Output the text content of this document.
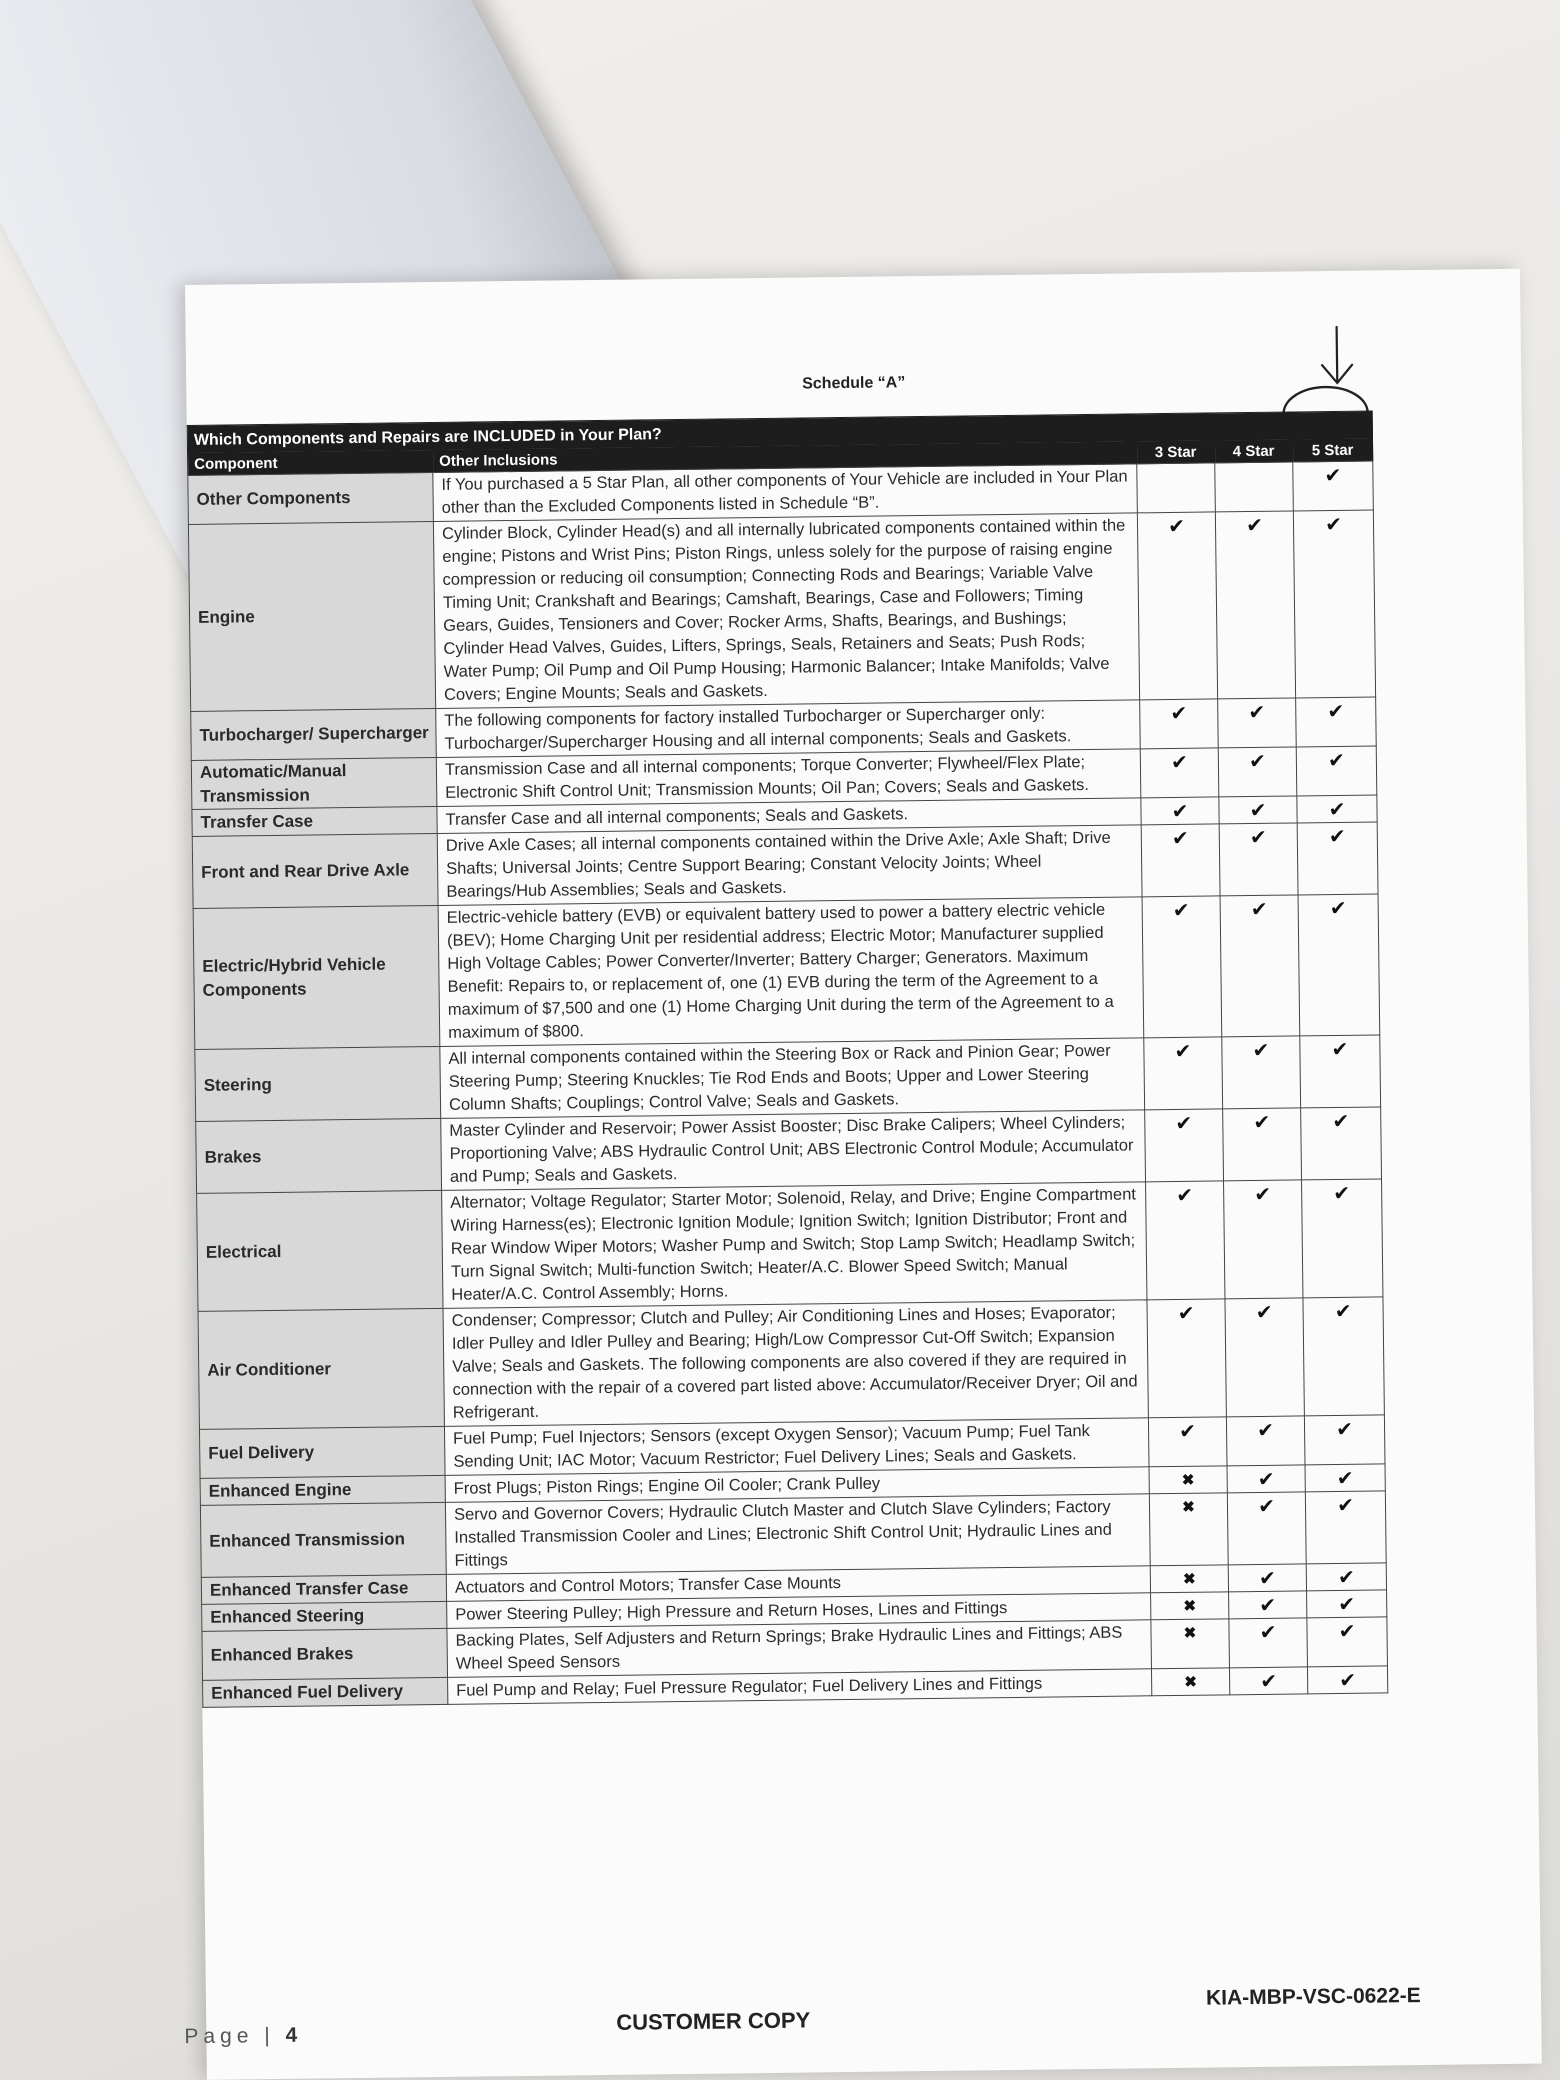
Schedule “A”
Which Components and Repairs are INCLUDED in Your Plan?				
Component	Other Inclusions	3 Star	4 Star	5 Star
Other Components	If You purchased a 5 Star Plan, all other components of Your Vehicle are included in Your Plan other than the Excluded Components listed in Schedule “B”.			✔
Engine	Cylinder Block, Cylinder Head(s) and all internally lubricated components contained within the engine; Pistons and Wrist Pins; Piston Rings, unless solely for the purpose of raising engine compression or reducing oil consumption; Connecting Rods and Bearings; Variable Valve Timing Unit; Crankshaft and Bearings; Camshaft, Bearings, Case and Followers; Timing Gears, Guides, Tensioners and Cover; Rocker Arms, Shafts, Bearings, and Bushings; Cylinder Head Valves, Guides, Lifters, Springs, Seals, Retainers and Seats; Push Rods; Water Pump; Oil Pump and Oil Pump Housing; Harmonic Balancer; Intake Manifolds; Valve Covers; Engine Mounts; Seals and Gaskets.	✔	✔	✔
Turbocharger/ Supercharger	The following components for factory installed Turbocharger or Supercharger only: Turbocharger/Supercharger Housing and all internal components; Seals and Gaskets.	✔	✔	✔
Automatic/Manual Transmission	Transmission Case and all internal components; Torque Converter; Flywheel/Flex Plate; Electronic Shift Control Unit; Transmission Mounts; Oil Pan; Covers; Seals and Gaskets.	✔	✔	✔
Transfer Case	Transfer Case and all internal components; Seals and Gaskets.	✔	✔	✔
Front and Rear Drive Axle	Drive Axle Cases; all internal components contained within the Drive Axle; Axle Shaft; Drive Shafts; Universal Joints; Centre Support Bearing; Constant Velocity Joints; Wheel Bearings/Hub Assemblies; Seals and Gaskets.	✔	✔	✔
Electric/Hybrid Vehicle Components	Electric-vehicle battery (EVB) or equivalent battery used to power a battery electric vehicle (BEV); Home Charging Unit per residential address; Electric Motor; Manufacturer supplied High Voltage Cables; Power Converter/Inverter; Battery Charger; Generators. Maximum Benefit: Repairs to, or replacement of, one (1) EVB during the term of the Agreement to a maximum of $7,500 and one (1) Home Charging Unit during the term of the Agreement to a maximum of $800.	✔	✔	✔
Steering	All internal components contained within the Steering Box or Rack and Pinion Gear; Power Steering Pump; Steering Knuckles; Tie Rod Ends and Boots; Upper and Lower Steering Column Shafts; Couplings; Control Valve; Seals and Gaskets.	✔	✔	✔
Brakes	Master Cylinder and Reservoir; Power Assist Booster; Disc Brake Calipers; Wheel Cylinders; Proportioning Valve; ABS Hydraulic Control Unit; ABS Electronic Control Module; Accumulator and Pump; Seals and Gaskets.	✔	✔	✔
Electrical	Alternator; Voltage Regulator; Starter Motor; Solenoid, Relay, and Drive; Engine Compartment Wiring Harness(es); Electronic Ignition Module; Ignition Switch; Ignition Distributor; Front and Rear Window Wiper Motors; Washer Pump and Switch; Stop Lamp Switch; Headlamp Switch; Turn Signal Switch; Multi-function Switch; Heater/A.C. Blower Speed Switch; Manual Heater/A.C. Control Assembly; Horns.	✔	✔	✔
Air Conditioner	Condenser; Compressor; Clutch and Pulley; Air Conditioning Lines and Hoses; Evaporator; Idler Pulley and Idler Pulley and Bearing; High/Low Compressor Cut-Off Switch; Expansion Valve; Seals and Gaskets. The following components are also covered if they are required in connection with the repair of a covered part listed above: Accumulator/Receiver Dryer; Oil and Refrigerant.	✔	✔	✔
Fuel Delivery	Fuel Pump; Fuel Injectors; Sensors (except Oxygen Sensor); Vacuum Pump; Fuel Tank Sending Unit; IAC Motor; Vacuum Restrictor; Fuel Delivery Lines; Seals and Gaskets.	✔	✔	✔
Enhanced Engine	Frost Plugs; Piston Rings; Engine Oil Cooler; Crank Pulley	✖	✔	✔
Enhanced Transmission	Servo and Governor Covers; Hydraulic Clutch Master and Clutch Slave Cylinders; Factory Installed Transmission Cooler and Lines; Electronic Shift Control Unit; Hydraulic Lines and Fittings	✖	✔	✔
Enhanced Transfer Case	Actuators and Control Motors; Transfer Case Mounts	✖	✔	✔
Enhanced Steering	Power Steering Pulley; High Pressure and Return Hoses, Lines and Fittings	✖	✔	✔
Enhanced Brakes	Backing Plates, Self Adjusters and Return Springs; Brake Hydraulic Lines and Fittings; ABS Wheel Speed Sensors	✖	✔	✔
Enhanced Fuel Delivery	Fuel Pump and Relay; Fuel Pressure Regulator; Fuel Delivery Lines and Fittings	✖	✔	✔
Page | 4
CUSTOMER COPY
KIA-MBP-VSC-0622-E
